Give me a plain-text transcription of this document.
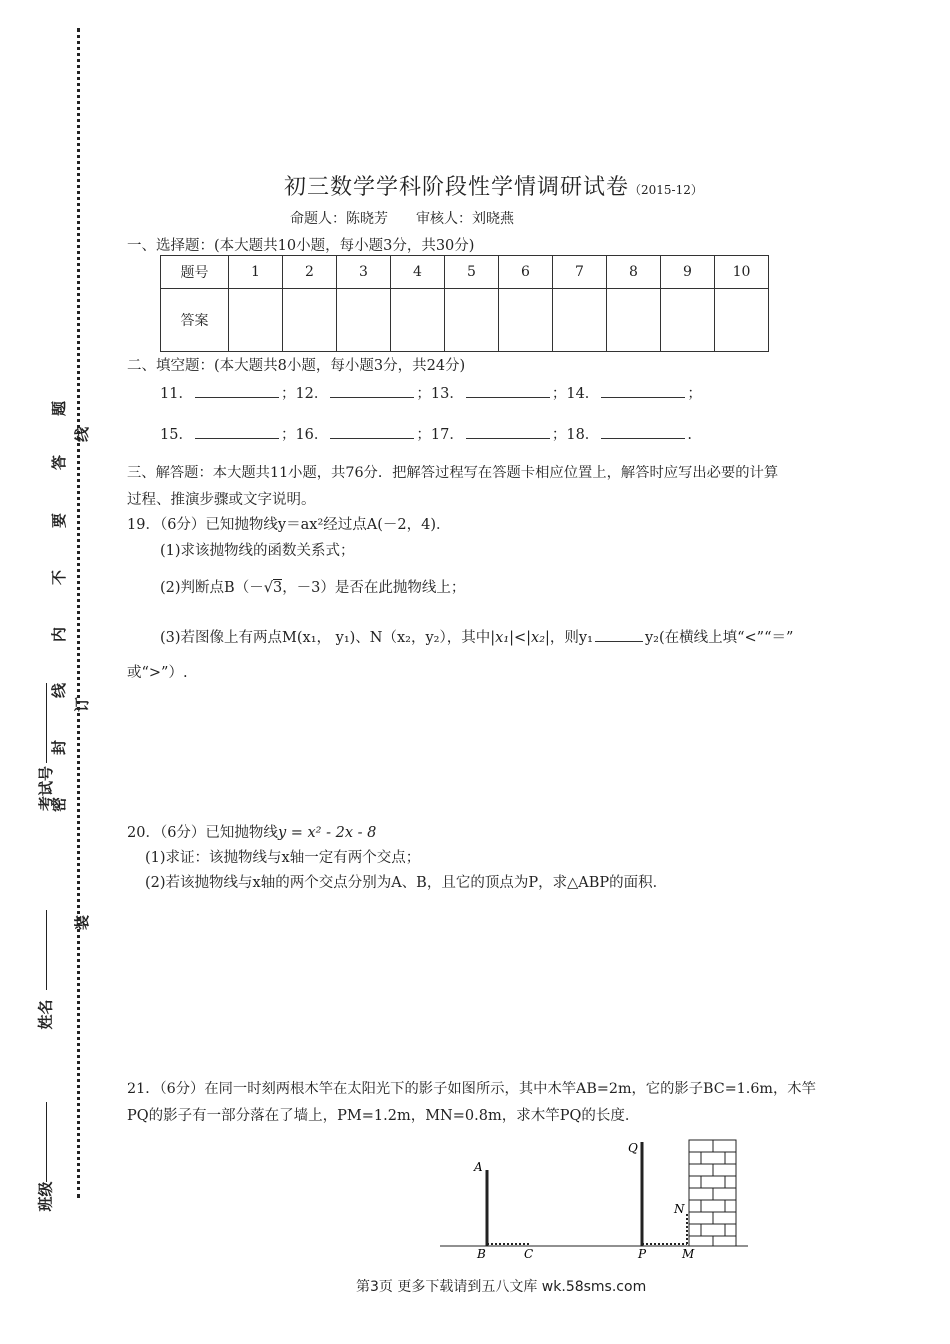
题
线
答
要
不
内
线
订
封
密
装
考试号
姓名
班级
初三数学学科阶段性学情调研试卷（2015-12）
命题人：陈晓芳　　审核人：刘晓燕
一、选择题：(本大题共10小题，每小题3分，共30分)
题号	1	2	3	4	5	6	7	8	9	10
答案										
二、填空题：(本大题共8小题，每小题3分，共24分)
11．	；12．	；13．	；14．	；
15．	；16．	；17．	；18．	.
三、解答题：本大题共11小题，共76分．把解答过程写在答题卡相应位置上，解答时应写出必要的计算
过程、推演步骤或文字说明。
19．（6分）已知抛物线y＝ax²经过点A(－2，4)．
(1)求该抛物线的函数关系式；
(2)判断点B（－√3，－3）是否在此抛物线上；
(3)若图像上有两点M(x₁， y₁)、N（x₂，y₂），其中|x₁|<|x₂|，则y₁	y₂(在横线上填“<”“＝”
或“>”）.
20．（6分）已知抛物线y = x² - 2x - 8
(1)求证：该抛物线与x轴一定有两个交点；
(2)若该抛物线与x轴的两个交点分别为A、B，且它的顶点为P，求△ABP的面积．
21．（6分）在同一时刻两根木竿在太阳光下的影子如图所示，其中木竿AB=2m，它的影子BC=1.6m，木竿
PQ的影子有一部分落在了墙上，PM=1.2m，MN=0.8m，求木竿PQ的长度．
A
B	C
Q
P	M
N
第3页 更多下载请到五八文库 wk.58sms.com
